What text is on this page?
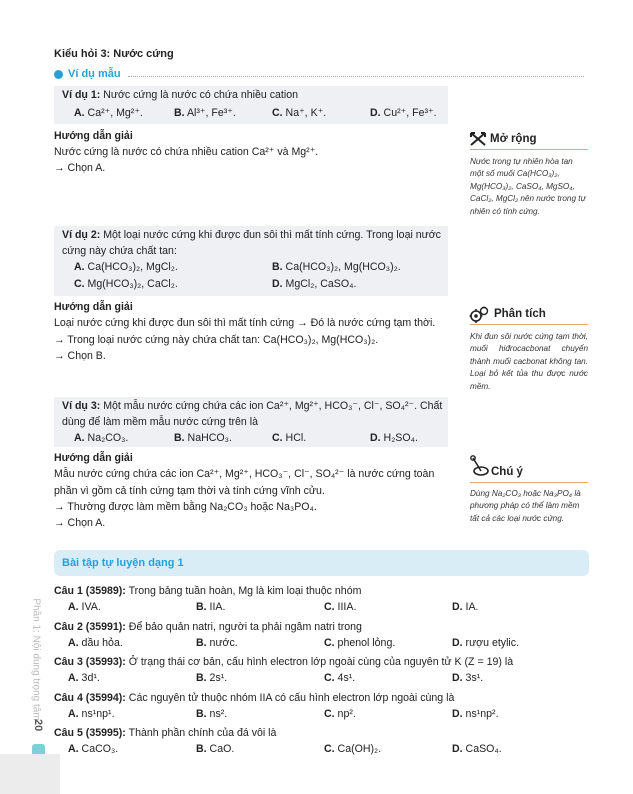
Kiểu hỏi 3: Nước cứng
Ví dụ mẫu
Ví dụ 1: Nước cứng là nước có chứa nhiều cation
A. Ca²⁺, Mg²⁺.	B. Al³⁺, Fe³⁺.	C. Na⁺, K⁺.	D. Cu²⁺, Fe³⁺.
Hướng dẫn giải
Nước cứng là nước có chứa nhiều cation Ca²⁺ và Mg²⁺.
→ Chọn A.
Mở rộng
Nước trong tự nhiên hòa tan một số muối Ca(HCO₃)₂, Mg(HCO₃)₂, CaSO₄, MgSO₄, CaCl₂, MgCl₂ nên nước trong tự nhiên có tính cứng.
Ví dụ 2: Một loại nước cứng khi được đun sôi thì mất tính cứng. Trong loại nước
cứng này chứa chất tan:
A. Ca(HCO₃)₂, MgCl₂.	B. Ca(HCO₃)₂, Mg(HCO₃)₂.
C. Mg(HCO₃)₂, CaCl₂.	D. MgCl₂, CaSO₄.
Hướng dẫn giải
Loại nước cứng khi được đun sôi thì mất tính cứng → Đó là nước cứng tạm thời.
→ Trong loại nước cứng này chứa chất tan: Ca(HCO₃)₂, Mg(HCO₃)₂.
→ Chọn B.
Phân tích
Khi đun sôi nước cứng tạm thời, muối hiđrocacbonat chuyển thành muối cacbonat không tan. Loại bỏ kết tủa thu được nước mềm.
Ví dụ 3: Một mẫu nước cứng chứa các ion Ca²⁺, Mg²⁺, HCO₃⁻, Cl⁻, SO₄²⁻. Chất
dùng để làm mềm mẫu nước cứng trên là
A. Na₂CO₃.	B. NaHCO₃.	C. HCl.	D. H₂SO₄.
Hướng dẫn giải
Mẫu nước cứng chứa các ion Ca²⁺, Mg²⁺, HCO₃⁻, Cl⁻, SO₄²⁻ là nước cứng toàn
phần vì gồm cả tính cứng tạm thời và tính cứng vĩnh cửu.
→ Thường được làm mềm bằng Na₂CO₃ hoặc Na₃PO₄.
→ Chọn A.
Chú ý
Dùng Na₂CO₃ hoặc Na₃PO₄ là phương pháp có thể làm mềm tất cả các loại nước cứng.
Bài tập tự luyện dạng 1
Câu 1 (35989): Trong bảng tuần hoàn, Mg là kim loại thuộc nhóm
A. IVA.	B. IIA.	C. IIIA.	D. IA.
Câu 2 (35991): Để bảo quản natri, người ta phải ngâm natri trong
A. dầu hỏa.	B. nước.	C. phenol lỏng.	D. rượu etylic.
Câu 3 (35993): Ở trạng thái cơ bản, cấu hình electron lớp ngoài cùng của nguyên tử K (Z = 19) là
A. 3d¹.	B. 2s¹.	C. 4s¹.	D. 3s¹.
Câu 4 (35994): Các nguyên tử thuộc nhóm IIA có cấu hình electron lớp ngoài cùng là
A. ns¹np¹.	B. ns².	C. np².	D. ns¹np².
Câu 5 (35995): Thành phần chính của đá vôi là
A. CaCO₃.	B. CaO.	C. Ca(OH)₂.	D. CaSO₄.
Phần 1: Nội dung trọng tâm
20
